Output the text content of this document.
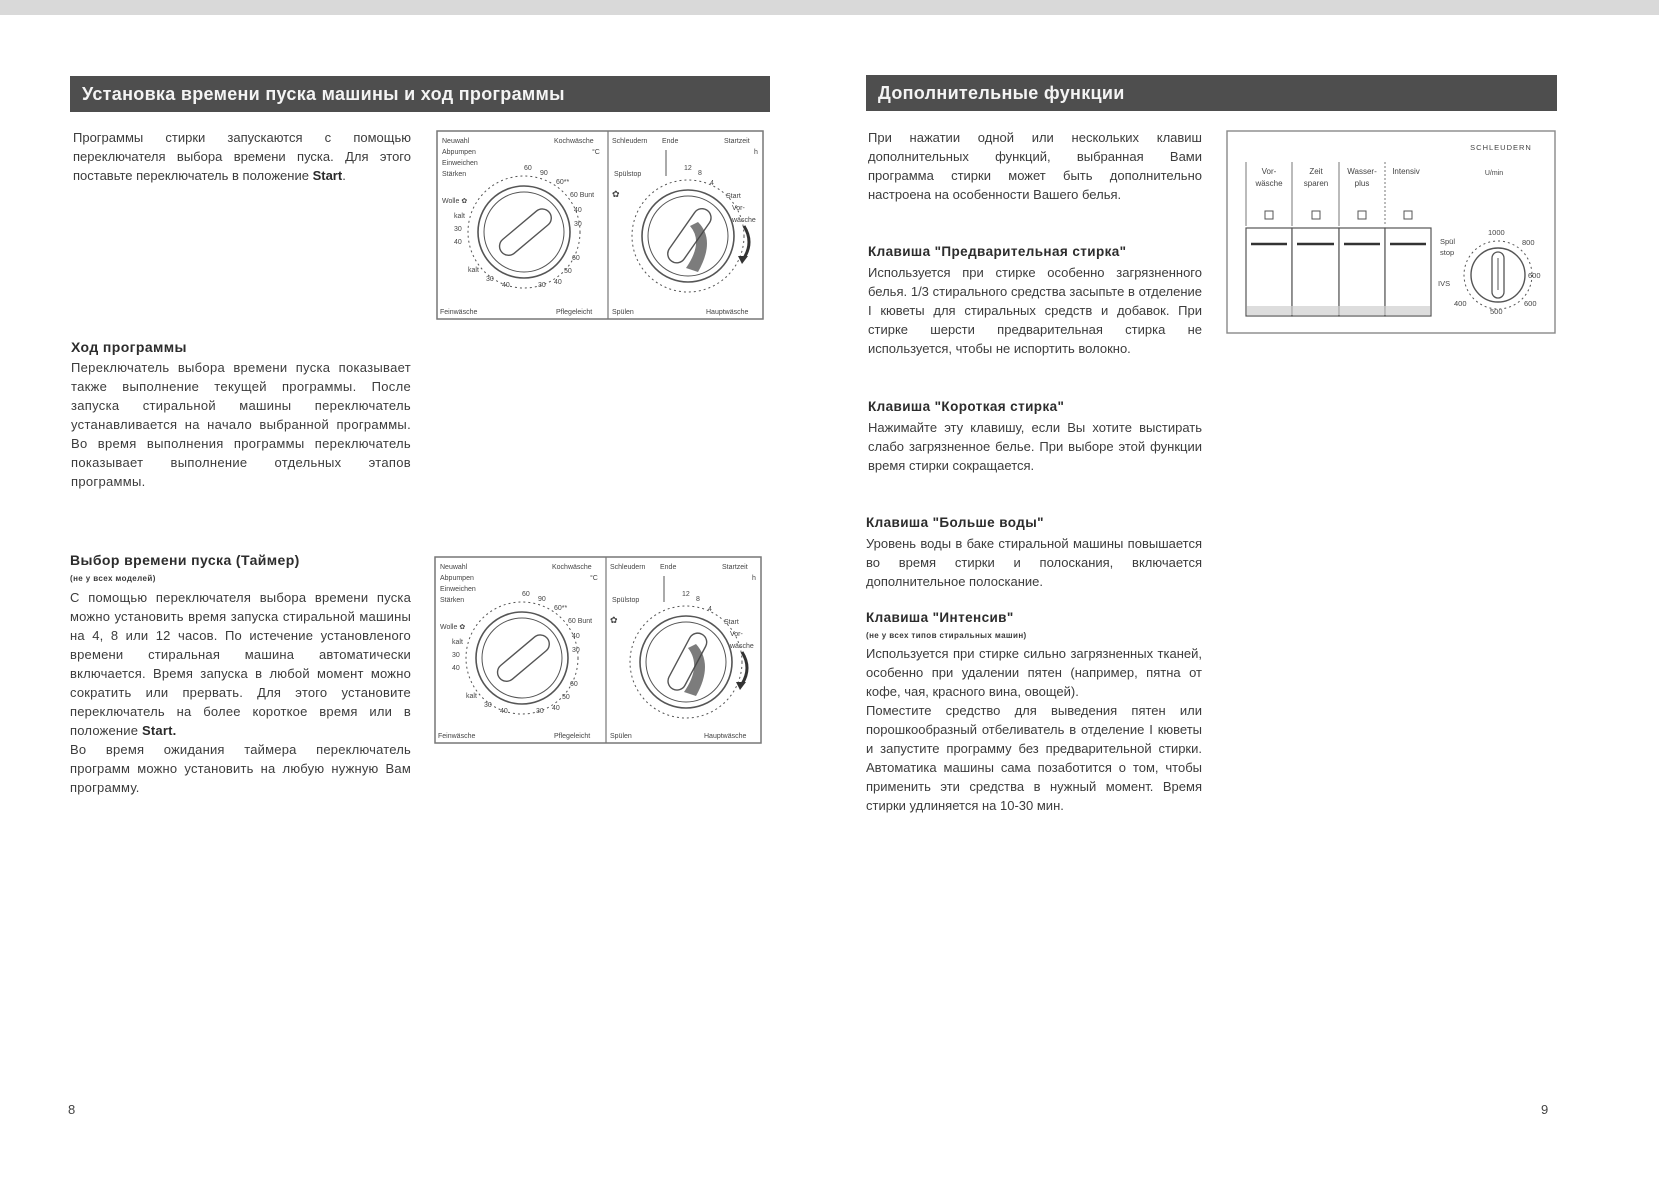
Установка времени пуска машины и ход программы
Программы стирки запускаются с помощью переключателя выбора времени пуска. Для этого поставьте переключатель в положение Start.
Ход программы
Переключатель выбора времени пуска показывает также выполнение текущей программы. После запуска стиральной машины переключатель устанавливается на начало выбранной программы. Во время выполнения программы переключатель показывает выполнение отдельных этапов программы.
Выбор времени пуска (Таймер)
(не у всех моделей)
С помощью переключателя выбора времени пуска можно установить время запуска стиральной машины на 4, 8 или 12 часов. По истечение установленого времени стиральная машина автоматически включается. Время запуска в любой момент можно сократить или прервать. Для этого установите переключатель на более короткое время или в положение Start.
Во время ожидания таймера переключатель программ можно установить на любую нужную Вам программу.
8
Neuwahl
Abpumpen
Einweichen
Stärken
Kochwäsche
°C
Wolle ✿
kalt
30
40
60
90
60**
60 Bunt
40
30
60
50
40
30
kalt
30
40
Feinwäsche	Pflegeleicht
Schleudern Ende	Startzeit
h
Spülstop
12
8
4
Start
Vor-
wäsche
Spülen	Hauptwäsche
✿
Neuwahl
Abpumpen
Einweichen
Stärken
Kochwäsche
°C
Wolle ✿
kalt
30
40
60
90
60**
60 Bunt
40
30
60
50
40
30
kalt
30
40
Feinwäsche	Pflegeleicht
Schleudern Ende	Startzeit
h
Spülstop
12
8
4
Start
Vor-
wäsche
Spülen	Hauptwäsche
✿
Дополнительные функции
При нажатии одной или нескольких клавиш дополнительных функций, выбранная Вами программа стирки может быть дополнительно настроена на особенности Вашего белья.
Клавиша "Предварительная стирка"
Используется при стирке особенно загрязненного белья. 1/3 стирального средства засыпьте в отделение I кюветы для стиральных средств и добавок. При стирке шерсти предварительная стирка не используется, чтобы не испортить волокно.
Клавиша "Короткая стирка"
Нажимайте эту клавишу, если Вы хотите выстирать слабо загрязненное белье. При выборе этой функции время стирки сокращается.
Клавиша "Больше воды"
Уровень воды в баке стиральной машины повышается во время стирки и полоскания, включается дополнительное полоскание.
Клавиша "Интенсив"
(не у всех типов стиральных машин)
Используется при стирке сильно загрязненных тканей, особенно при удалении пятен (например, пятна от кофе, чая, красного вина, овощей).
Поместите средство для выведения пятен или порошкообразный отбеливатель в отделение I кюветы и запустите программу без предварительной стирки. Автоматика машины сама позаботится о том, чтобы применить эти средства в нужный момент. Время стирки удлиняется на 10-30 мин.
9
Vor-
wäsche
Zeit
sparen
Wasser-
plus
Intensiv
SCHLEUDERN
U/min
Spül
stop
IVS
1000
800
600
500
400	600
